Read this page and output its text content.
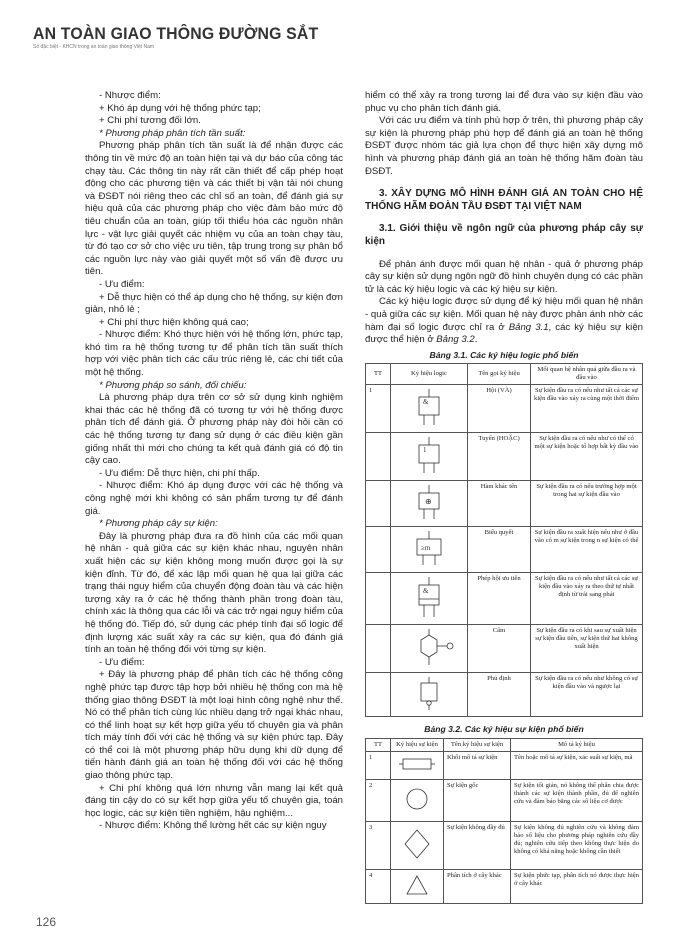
AN TOÀN GIAO THÔNG ĐƯỜNG SẮT
Số đặc biệt - KHCN trong an toàn giao thông Việt Nam

- Nhược điểm:

+ Khó áp dụng với hệ thống phức tạp;

+ Chi phí tương đối lớn.

* Phương pháp phân tích tần suất:

Phương pháp phân tích tần suất là để nhận được các thông tin về mức độ an toàn hiện tại và dự báo của công tác chạy tàu. Các thông tin này rất cần thiết để cấp phép hoạt động cho các phương tiện và các thiết bị vận tải nói chung và ĐSĐT nói riêng theo các chỉ số an toàn, để đánh giá sự hiệu quả của các phương pháp cho việc đảm bảo mức độ tiêu chuẩn của an toàn, giúp tối thiểu hóa các nguồn nhân lực - vật lực giải quyết các nhiệm vụ của an toàn chạy tàu, từ đó tạo cơ sở cho việc ưu tiên, tập trung trong sự phân bổ các nguồn lực này vào giải quyết một số vấn đề được ưu tiên.

- Ưu điểm:

+ Dễ thực hiện có thể áp dụng cho hệ thống, sự kiện đơn giản, nhỏ lẻ ;

+ Chi phí thực hiện không quá cao;

- Nhược điểm: Khó thực hiện với hệ thống lớn, phức tạp, khó tìm ra hệ thống tương tự để phân tích tần suất thích hợp với việc phân tích các cấu trúc riêng lẻ, các chi tiết của một hệ thống.

* Phương pháp so sánh, đối chiếu:

Là phương pháp dựa trên cơ sở sử dụng kinh nghiệm khai thác các hệ thống đã có tương tự với hệ thống được phân tích để đánh giá. Ở phương pháp này đòi hỏi cần có các hệ thống tương tự đang sử dụng ở các điều kiện gần giống nhất thì mới cho chúng ta kết quả đánh giá có độ tin cậy cao.

- Ưu điểm: Dễ thực hiện, chi phí thấp.

- Nhược điểm: Khó áp dụng được với các hệ thống và công nghệ mới khi không có sản phẩm tương tự để đánh giá.

* Phương pháp cây sự kiện:

Đây là phương pháp đưa ra đồ hình của các mối quan hệ nhân - quả giữa các sự kiện khác nhau, nguyên nhân xuất hiện các sự kiện không mong muốn được gọi là sự kiện đỉnh. Từ đó, để xác lập mối quan hệ qua lại giữa các trạng thái nguy hiểm của chuyển động đoàn tàu và các hiện tượng xảy ra ở các hệ thống thành phần trong đoàn tàu, chính xác là thông qua các lỗi và các trở ngại nguy hiểm của hệ thống đó. Tiếp đó, sử dụng các phép tính đại số logic để định lượng xác suất xảy ra các sự kiện, qua đó đánh giá tính an toàn hệ thống đối với từng sự kiện.

- Ưu điểm:

+ Đây là phương pháp để phân tích các hệ thống công nghệ phức tạp được tập hợp bởi nhiều hệ thống con mà hệ thống giao thông ĐSĐT là một loại hình công nghệ như thế. Nó có thể phân tích cùng lúc nhiều dạng trở ngại khác nhau, có thể linh hoạt sự kết hợp giữa yếu tố chuyên gia và phân tích máy tính đối với các hệ thống và sự kiện phức tạp. Đây có thể coi là một phương pháp hữu dụng khi dữ dụng để tiến hành đánh giá an toàn hệ thống đối với các hệ thống giao thông phức tạp.

+ Chi phí không quá lớn nhưng vẫn mang lại kết quả đáng tin cậy do có sự kết hợp giữa yếu tố chuyên gia, toán học logic, các sự kiện tiền nghiệm, hậu nghiệm...

- Nhược điểm: Không thể lường hết các sự kiện nguy

hiểm có thể xảy ra trong tương lai để đưa vào sự kiện đầu vào phục vụ cho phân tích đánh giá.

Với các ưu điểm và tính phù hợp ở trên, thì phương pháp cây sự kiện là phương pháp phù hợp để đánh giá an toàn hệ thống ĐSĐT được nhóm tác giả lựa chọn để thực hiện xây dựng mô hình và phương pháp đánh giá an toàn hệ thống hãm đoàn tàu ĐSĐT.

3. XÂY DỰNG MÔ HÌNH ĐÁNH GIÁ AN TOÀN CHO HỆ THỐNG HÃM ĐOÀN TẦU ĐSĐT TẠI VIỆT NAM

3.1. Giới thiệu về ngôn ngữ của phương pháp cây sự kiện

Để phản ánh được mối quan hệ nhân - quả ở phương pháp cây sự kiện sử dụng ngôn ngữ đồ hình chuyên dụng có các phần tử là các ký hiệu logic và các ký hiệu sự kiện.

Các ký hiệu logic được sử dụng để ký hiệu mối quan hệ nhân - quả giữa các sự kiện. Mối quan hệ này được phản ánh nhờ các hàm đại số logic được chỉ ra ở Bảng 3.1, các ký hiệu sự kiện được thể hiện ở Bảng 3.2.

Bảng 3.1. Các ký hiệu logic phổ biến
TT	Ký hiệu logic	Tên gọi ký hiệu	Mối quan hệ nhân quả giữa đầu ra và đầu vào
1	&	Hội (VÀ)	Sự kiện đầu ra có nếu như tất cả các sự kiện đầu vào xảy ra cùng một thời điểm

1	Tuyển (HOẶC)	Sự kiện đầu ra có nếu như có thể có một sự kiện hoặc tổ hợp bất kỳ đầu vào

⊕	Hàm khác tên	Sự kiện đầu ra có nếu trường hợp một trong hai sự kiện đầu vào

≥m	Biểu quyết	Sự kiện đầu ra xuất hiện nếu như ở đầu vào có m sự kiện trong n sự kiện có thể

&	Phép hội ưu tiên	Sự kiện đầu ra có nếu như tất cả các sự kiện đầu vào xảy ra theo thứ tự nhất định từ trái sang phải
		Cấm	Sự kiện đầu ra có khi sau sự xuất hiện sự kiện đầu tiên, sự kiện thứ hai không xuất hiện
		Phủ định	Sự kiện đầu ra có nếu như không có sự kiện đầu vào và ngược lại
Bảng 3.2. Các ký hiệu sự kiện phổ biến
TT	Ký hiệu sự kiện	Tên ký hiệu sự kiện	Mô tả ký hiệu
1		Khối mô tả sự kiện	Tên hoặc mô tả sự kiện, xác suất sự kiện, mã
2		Sự kiện gốc	Sự kiện tối giản, nó không thể phân chia được thành các sự kiện thành phần, đủ để nghiên cứu và đảm bảo bằng các số liệu cơ được
3		Sự kiện không đầy đủ	Sự kiện không đủ nghiên cứu và không đảm bảo số liệu cho phương pháp nghiên cứu đầy đủ; nghiên cứu tiếp theo không thực hiện do không có khả năng hoặc không cần thiết
4		Phân tích ở cây khác	Sự kiện phức tạp, phân tích nó được thực hiện ở cây khác
126
